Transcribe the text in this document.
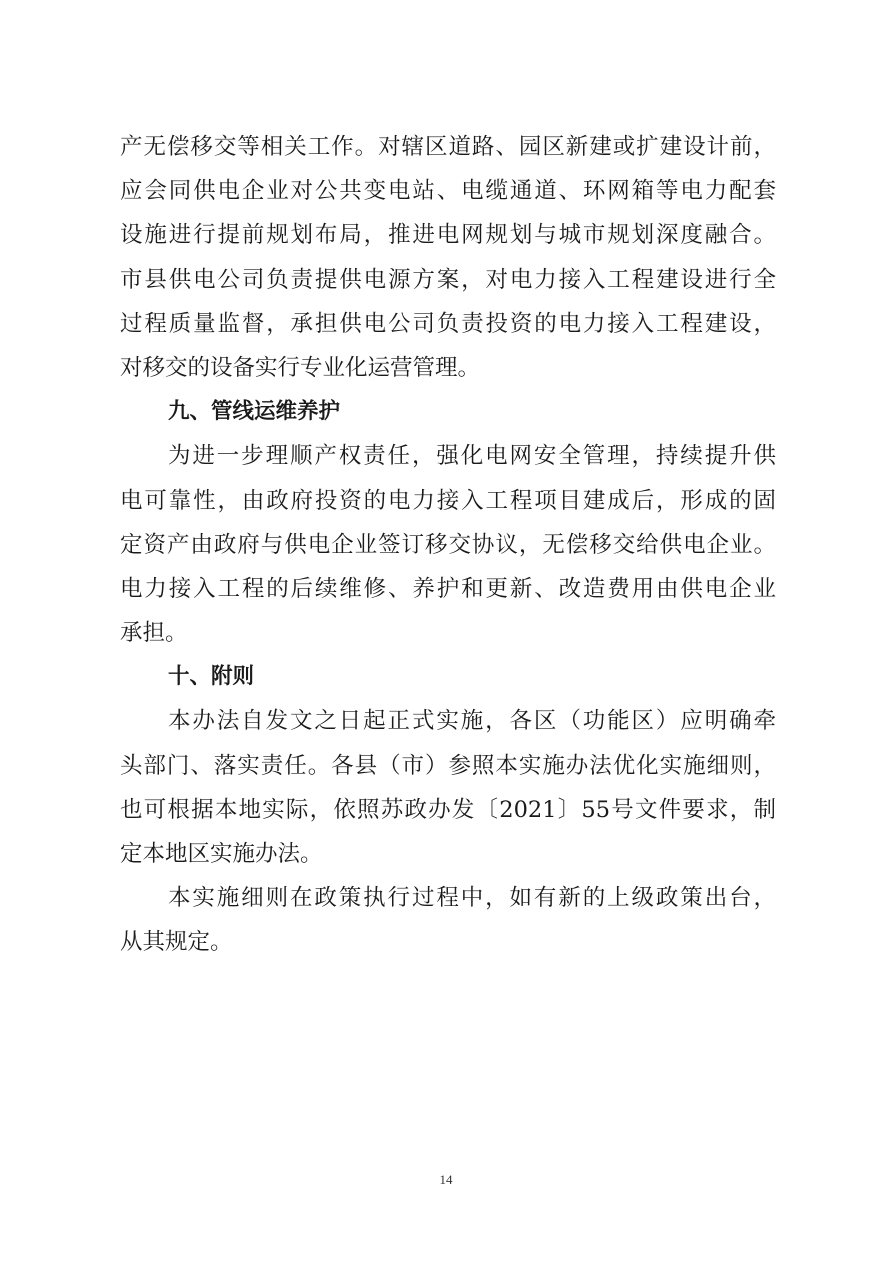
产无偿移交等相关工作。对辖区道路、园区新建或扩建设计前，
应会同供电企业对公共变电站、电缆通道、环网箱等电力配套
设施进行提前规划布局，推进电网规划与城市规划深度融合。
市县供电公司负责提供电源方案，对电力接入工程建设进行全
过程质量监督，承担供电公司负责投资的电力接入工程建设，
对移交的设备实行专业化运营管理。
九、管线运维养护
为进一步理顺产权责任，强化电网安全管理，持续提升供
电可靠性，由政府投资的电力接入工程项目建成后，形成的固
定资产由政府与供电企业签订移交协议，无偿移交给供电企业。
电力接入工程的后续维修、养护和更新、改造费用由供电企业
承担。
十、附则
本办法自发文之日起正式实施，各区（功能区）应明确牵
头部门、落实责任。各县（市）参照本实施办法优化实施细则，
也可根据本地实际，依照苏政办发〔2021〕55号文件要求，制
定本地区实施办法。
本实施细则在政策执行过程中，如有新的上级政策出台，
从其规定。
14
